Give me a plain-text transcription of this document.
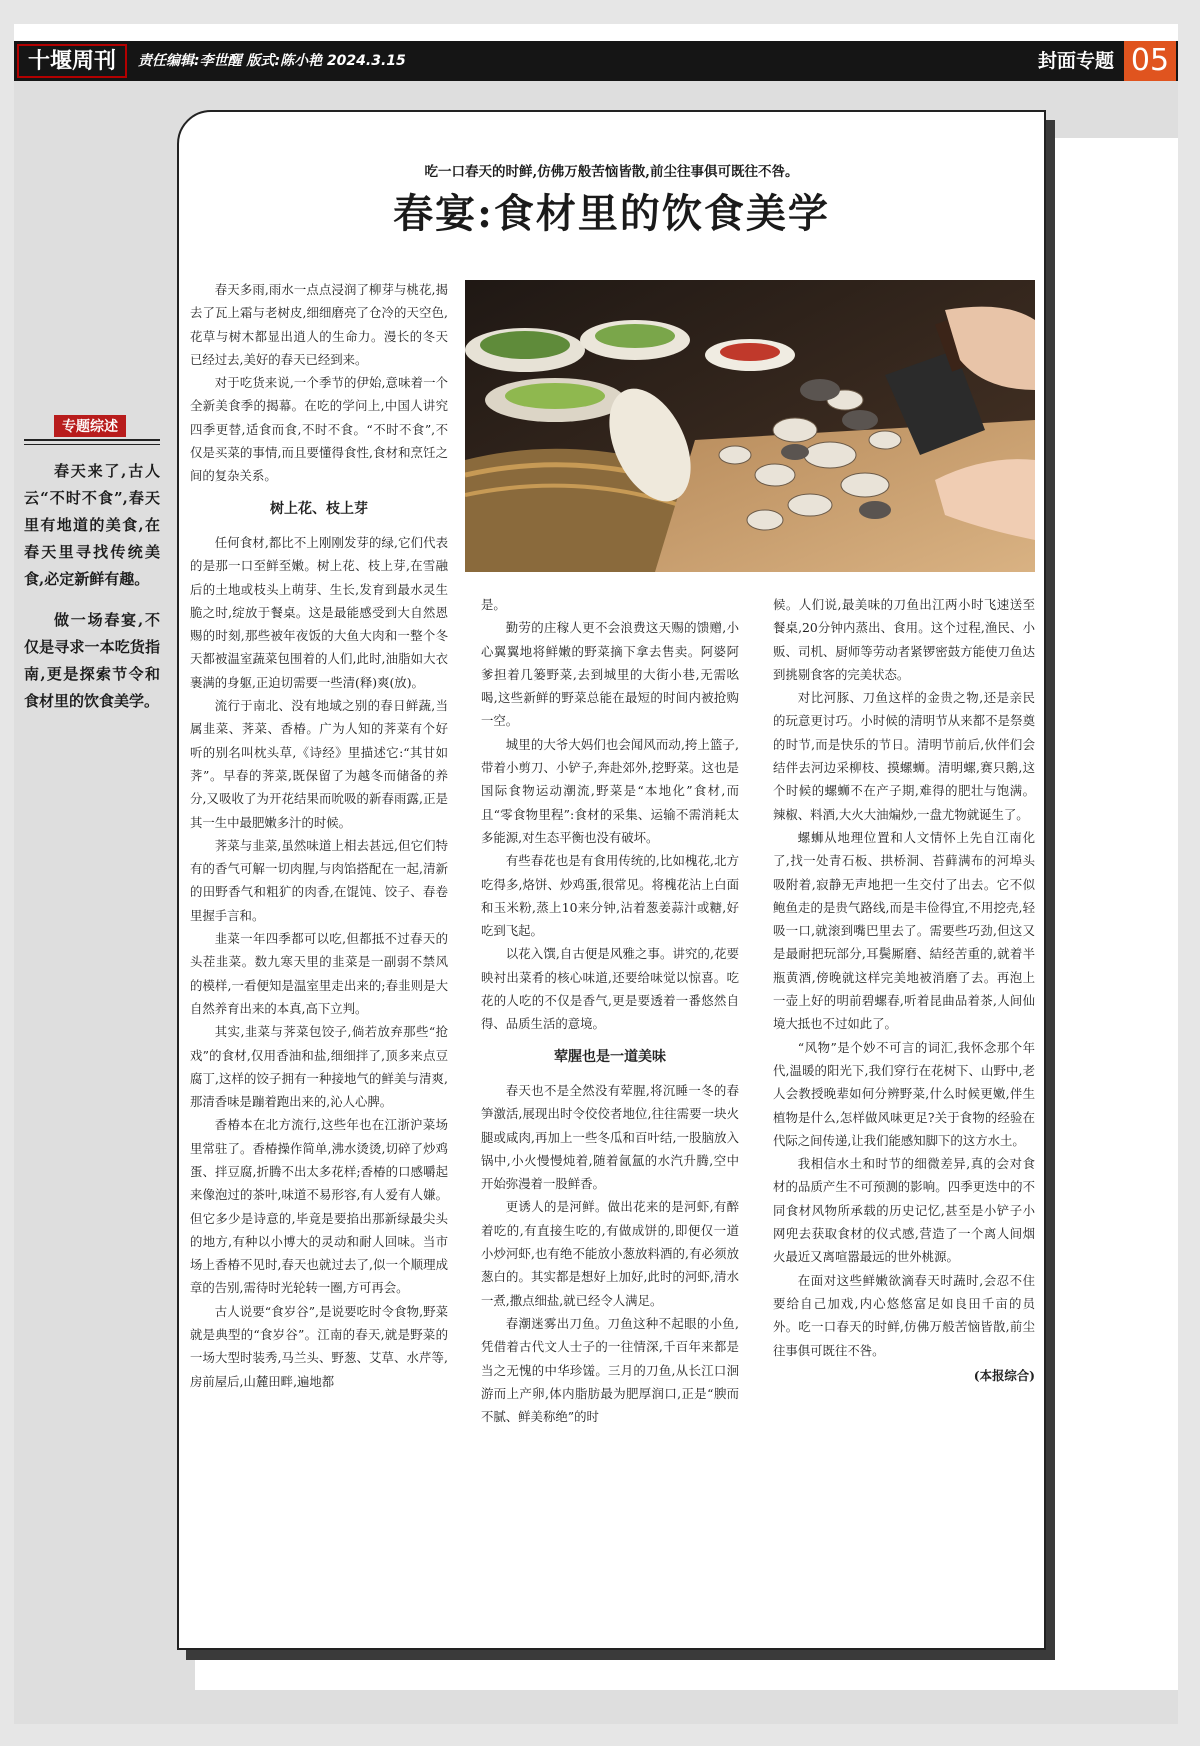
十堰周刊	责任编辑:李世醒 版式:陈小艳 2024.3.15	封面专题 05
吃一口春天的时鲜,仿佛万般苦恼皆散,前尘往事俱可既往不咎。
春宴:食材里的饮食美学
专题综述

春天来了,古人云“不时不食”,春天里有地道的美食,在春天里寻找传统美食,必定新鲜有趣。

做一场春宴,不仅是寻求一本吃货指南,更是探索节令和食材里的饮食美学。

春天多雨,雨水一点点浸润了柳芽与桃花,揭去了瓦上霜与老树皮,细细磨亮了仓冷的天空色,花草与树木都显出逍人的生命力。漫长的冬天已经过去,美好的春天已经到来。

对于吃货来说,一个季节的伊始,意味着一个全新美食季的揭幕。在吃的学问上,中国人讲究四季更替,适食而食,不时不食。“不时不食”,不仅是买菜的事情,而且要懂得食性,食材和烹饪之间的复杂关系。

树上花、枝上芽

任何食材,都比不上刚刚发芽的绿,它们代表的是那一口至鲜至嫩。树上花、枝上芽,在雪融后的土地或枝头上萌芽、生长,发育到最水灵生脆之时,绽放于餐桌。这是最能感受到大自然恩赐的时刻,那些被年夜饭的大鱼大肉和一整个冬天都被温室蔬菜包围着的人们,此时,油脂如大衣裹满的身躯,正迫切需要一些清(释)爽(放)。

流行于南北、没有地域之别的春日鲜蔬,当属韭菜、荠菜、香椿。广为人知的荠菜有个好听的别名叫枕头草,《诗经》里描述它:“其甘如荠”。早春的荠菜,既保留了为越冬而储备的养分,又吸收了为开花结果而吮吸的新春雨露,正是其一生中最肥嫩多汁的时候。

荠菜与韭菜,虽然味道上相去甚远,但它们特有的香气可解一切肉腥,与肉馅搭配在一起,清新的田野香气和粗犷的肉香,在馄饨、饺子、春卷里握手言和。

韭菜一年四季都可以吃,但都抵不过春天的头茬韭菜。数九寒天里的韭菜是一副弱不禁风的模样,一看便知是温室里走出来的;春韭则是大自然养育出来的本真,高下立判。

其实,韭菜与荠菜包饺子,倘若放弃那些“抢戏”的食材,仅用香油和盐,细细拌了,顶多来点豆腐丁,这样的饺子拥有一种接地气的鲜美与清爽,那清香味是蹦着跑出来的,沁人心脾。

香椿本在北方流行,这些年也在江浙沪菜场里常驻了。香椿操作简单,沸水烫烫,切碎了炒鸡蛋、拌豆腐,折腾不出太多花样;香椿的口感嚼起来像泡过的茶叶,味道不易形容,有人爱有人嫌。但它多少是诗意的,毕竟是要掐出那新绿最尖头的地方,有种以小博大的灵动和耐人回味。当市场上香椿不见时,春天也就过去了,似一个顺理成章的告别,需待时光轮转一圈,方可再会。

古人说要“食岁谷”,是说要吃时令食物,野菜就是典型的“食岁谷”。江南的春天,就是野菜的一场大型时装秀,马兰头、野葱、艾草、水芹等,房前屋后,山麓田畔,遍地都

是。

勤劳的庄稼人更不会浪费这天赐的馈赠,小心翼翼地将鲜嫩的野菜摘下拿去售卖。阿婆阿爹担着几篓野菜,去到城里的大街小巷,无需吆喝,这些新鲜的野菜总能在最短的时间内被抢购一空。

城里的大爷大妈们也会闻风而动,挎上篮子,带着小剪刀、小铲子,奔赴郊外,挖野菜。这也是国际食物运动潮流,野菜是“本地化”食材,而且“零食物里程”:食材的采集、运输不需消耗太多能源,对生态平衡也没有破坏。

有些春花也是有食用传统的,比如槐花,北方吃得多,烙饼、炒鸡蛋,很常见。将槐花沾上白面和玉米粉,蒸上10来分钟,沾着葱姜蒜汁或糖,好吃到飞起。

以花入馔,自古便是风雅之事。讲究的,花要映衬出菜肴的核心味道,还要给味觉以惊喜。吃花的人吃的不仅是香气,更是要透着一番悠然自得、品质生活的意境。

荤腥也是一道美味

春天也不是全然没有荤腥,将沉睡一冬的春笋激活,展现出时令佼佼者地位,往往需要一块火腿或咸肉,再加上一些冬瓜和百叶结,一股脑放入锅中,小火慢慢炖着,随着氤氲的水汽升腾,空中开始弥漫着一股鲜香。

更诱人的是河鲜。做出花来的是河虾,有醉着吃的,有直接生吃的,有做成饼的,即便仅一道小炒河虾,也有绝不能放小葱放料酒的,有必须放葱白的。其实都是想好上加好,此时的河虾,清水一煮,撒点细盐,就已经令人满足。

春潮迷雾出刀鱼。刀鱼这种不起眼的小鱼,凭借着古代文人士子的一往情深,千百年来都是当之无愧的中华珍馐。三月的刀鱼,从长江口洄游而上产卵,体内脂肪最为肥厚润口,正是“腴而不腻、鲜美称绝”的时

候。人们说,最美味的刀鱼出江两小时飞速送至餐桌,20分钟内蒸出、食用。这个过程,渔民、小贩、司机、厨师等劳动者紧锣密鼓方能使刀鱼达到挑剔食客的完美状态。

对比河豚、刀鱼这样的金贵之物,还是亲民的玩意更讨巧。小时候的清明节从来都不是祭奠的时节,而是快乐的节日。清明节前后,伙伴们会结伴去河边采柳枝、摸螺蛳。清明螺,赛只鹅,这个时候的螺蛳不在产子期,难得的肥壮与饱满。辣椒、料酒,大火大油煸炒,一盘尤物就诞生了。

螺蛳从地理位置和人文情怀上先自江南化了,找一处青石板、拱桥洞、苔藓满布的河埠头吸附着,寂静无声地把一生交付了出去。它不似鲍鱼走的是贵气路线,而是丰俭得宜,不用挖壳,轻吸一口,就滚到嘴巴里去了。需要些巧劲,但这又是最耐把玩部分,耳鬓厮磨、結经苦重的,就着半瓶黄酒,傍晚就这样完美地被消磨了去。再泡上一壶上好的明前碧螺春,听着昆曲品着茶,人间仙境大抵也不过如此了。

“风物”是个妙不可言的词汇,我怀念那个年代,温暖的阳光下,我们穿行在花树下、山野中,老人会教授晚辈如何分辨野菜,什么时候更嫩,伴生植物是什么,怎样做风味更足?关于食物的经验在代际之间传递,让我们能感知脚下的这方水土。

我相信水土和时节的细微差异,真的会对食材的品质产生不可预测的影响。四季更迭中的不同食材风物所承载的历史记忆,甚至是小铲子小网兜去获取食材的仪式感,营造了一个离人间烟火最近又离喧嚣最远的世外桃源。

在面对这些鲜嫩欲滴春天时蔬时,会忍不住要给自己加戏,内心悠悠富足如良田千亩的员外。吃一口春天的时鲜,仿佛万般苦恼皆散,前尘往事俱可既往不咎。

(本报综合)
